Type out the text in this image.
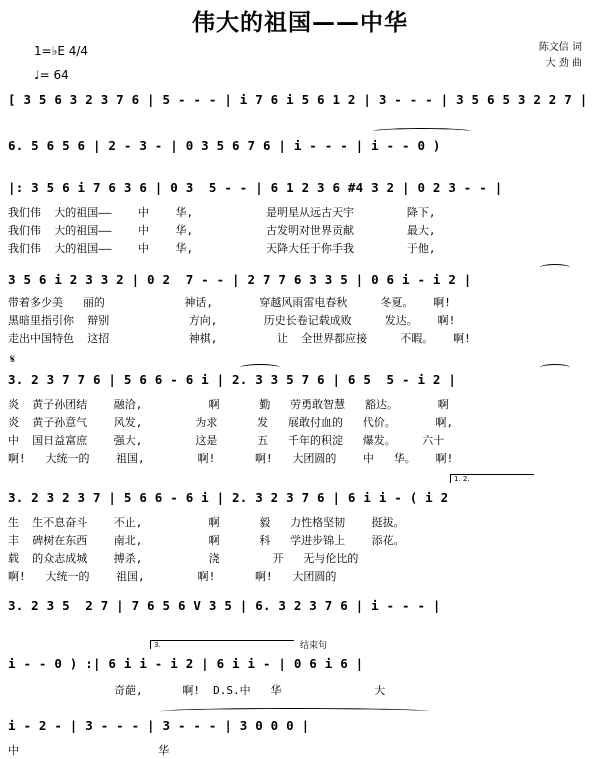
伟大的祖国——中华
陈文信 词
大 劲 曲
1=♭E 4/4
♩= 64
[ 3 5 6 3 2 3 7 6 | 5 - - - | i 7 6 i 5 6 1 2 | 3 - - - | 3 5 6 5 3 2 2 7 |
6. 5 6 5 6 | 2 - 3 - | 0 3 5 6 7 6 | i - - - | i - - 0 )
|: 3 5 6 i 7 6 3 6 | 0 3  5 - - | 6 1 2 3 6 #4 3 2 | 0 2 3 - - |
我们伟  大的祖国——    中    华,           是明星从远古天宇        降下,
我们伟  大的祖国——    中    华,           古发明对世界贡献        最大,
我们伟  大的祖国——    中    华,           天降大任于你手我        于他,
3 5 6 i 2 3 3 2 | 0 2  7 - - | 2 7 7 6 3 3 5 | 0 6 i - i 2 |
带着多少美   丽的            神话,       穿越风雨雷电春秋     冬夏。   啊!
黑暗里指引你  辩别            方向,       历史长卷记载成败     发达。   啊!
走出中国特色  这招            神棋,         让  全世界都应接     不暇。   啊!
𝄋
3. 2 3 7 7 6 | 5 6 6 - 6 i | 2. 3 3 5 7 6 | 6 5  5 - i 2 |
炎  黄子孙团结    融洽,          啊      勤   劳勇敢智慧   豁达。      啊
炎  黄子孙意气    风发,        为求      发   展敢付血的   代价。      啊,
中  国日益富庶    强大,        这是      五   千年的积淀   爆发。    六十
啊!   大统一的    祖国,        啊!      啊!   大团圆的    中   华。   啊!
1. 2.
3. 2 3 2 3 7 | 5 6 6 - 6 i | 2. 3 2 3 7 6 | 6 i i - ( i 2
生  生不息奋斗    不止,          啊      毅   力性格坚韧    挺拔。
丰  碑树在东西    南北,          啊      科   学进步锦上    添花。
载  的众志成城    搏杀,          浇        开   无与伦比的
啊!   大统一的    祖国,        啊!      啊!   大团圆的
3. 2 3 5  2 7 | 7 6 5 6 V 3 5 | 6. 3 2 3 7 6 | i - - - |
3.	结束句
i - - 0 ) :| 6 i i - i 2 | 6 i i - | 0 6 i 6 |
奇葩,      啊!  D.S.中   华              大
i - 2 - | 3 - - - | 3 - - - | 3 0 0 0 |
中                     华
